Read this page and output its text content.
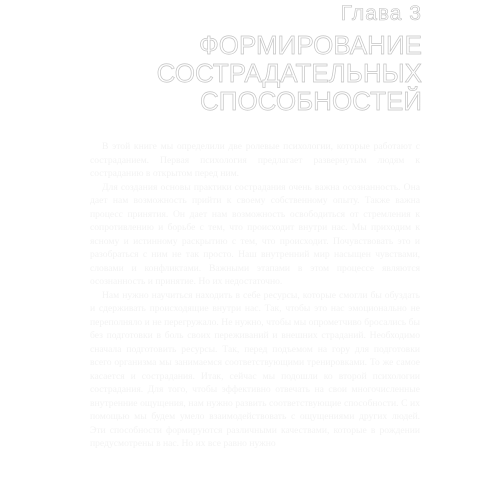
Глава 3
ФОРМИРОВАНИЕ
СОСТРАДАТЕЛЬНЫХ
СПОСОБНОСТЕЙ

В этой книге мы определили две ролевые психологии, которые работают с состраданием. Первая психология предлагает развернутым людям к состраданию в открытом перед ним.

Для создания основы практики сострадания очень важна осознанность. Она дает нам возможность прийти к своему собственному опыту. Также важна процесс принятия. Он дает нам возможность освободиться от стремления к сопротивлению и борьбе с тем, что происходит внутри нас. Мы приходим к ясному и истинному раскрытию с тем, что происходит. Почувствовать это и разобраться с ним не так просто. Наш внутренний мир насыщен чувствами, словами и конфликтами. Важными этапами в этом процессе являются осознанность и принятие. Но их недостаточно.

Нам нужно научиться находить в себе ресурсы, которые смогли бы обуздать и сдерживать происходящие внутри нас. Так, чтобы это нас эмоционально не переполняло и не перегружало. Не нужно, чтобы мы опрометчиво бросались бы без подготовки в боль своих переживаний и внешних страданий. Необходимо сначала подготовить ресурсы. Так, перед подъемом на гору для подготовки всего организма мы занимаемся соответствующими тренировками. То же самое касается и сострадания. Итак, сейчас мы подошли ко второй психологии сострадания. Для того, чтобы эффективно отвечать на свои многочисленные внутренние ощущения, нам нужно развить соответствующие способности. С их помощью мы будем умело взаимодействовать с ощущениями других людей. Эти способности формируются различными качествами, которые в рождении предусмотрены в нас. Но их все равно нужно
